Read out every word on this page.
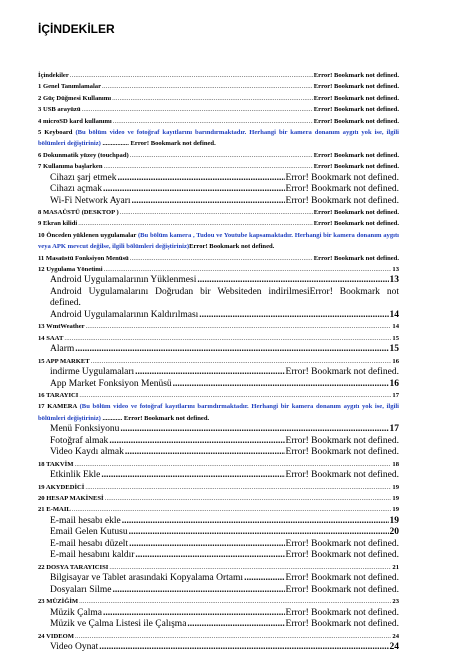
İÇİNDEKİLER
İçindekiler .....	Error! Bookmark not defined.
1 Genel Tanımlamalar .....	Error! Bookmark not defined.
2 Güç Düğmesi Kullanımı .....	Error! Bookmark not defined.
3 USB arayüzü .....	Error! Bookmark not defined.
4 microSD kard kullanımı .....	Error! Bookmark not defined.
5 Keyboard (Bu bölüm video ve fotoğraf kayıtlarını barındırmaktadır. Herhangi bir kamera donanım aygıtı yok ise, ilgili bölümleri değiştiriniz) ................ Error! Bookmark not defined.
6 Dokunmatik yüzey (touchpad) .....	Error! Bookmark not defined.
7 Kullanıma başlarken .....	Error! Bookmark not defined.
Cihazı şarj etmek .....	Error! Bookmark not defined.
Cihazı açmak .....	Error! Bookmark not defined.
Wi-Fi Network Ayarı .....	Error! Bookmark not defined.
8 MASAÜSTÜ (DESKTOP ) .....	Error! Bookmark not defined.
9 Ekran kilidi .....	Error! Bookmark not defined.
10 Önceden yüklenen uygulamalar (Bu bölüm kamera , Tudou ve Youtube kapsamaktadır. Herhangi bir kamera donanım aygıtı veya APK mevcut değilse, ilgili bölümleri değiştiriniz)Error! Bookmark not defined.
11 Masaüstü Fonksiyon Menüsü .....	Error! Bookmark not defined.
12 Uygulama Yönetimi .....	13
Android Uygulamalarının Yüklenmesi .....	13
Android Uygulamalarını Doğrudan bir Websiteden indirilmesiError! Bookmark not
defined.
Android Uygulamalarının Kaldırılması .....	14
13 WmtWeather .....	14
14 SAAT .....	15
Alarm .....	15
15 APP MARKET .....	16
indirme Uygulamaları .....	Error! Bookmark not defined.
App Market Fonksiyon Menüsü .....	16
16 TARAYICI .....	17
17 KAMERA (Bu bölüm video ve fotoğraf kayıtlarını barındırmaktadır. Herhangi bir kamera donanım aygıtı yok ise, ilgili bölümleri değiştiriniz) ............ Error! Bookmark not defined.
Menü Fonksiyonu .....	17
Fotoğraf almak .....	Error! Bookmark not defined.
Video Kaydı almak .....	Error! Bookmark not defined.
18 TAKVİM .....	18
Etkinlik Ekle .....	Error! Bookmark not defined.
19 AKYDEDİCİ .....	19
20 HESAP MAKİNESİ .....	19
21 E-MAIL .....	19
E-mail hesabı ekle .....	19
Email Gelen Kutusu .....	20
E-mail hesabı düzelt .....	Error! Bookmark not defined.
E-mail hesabını kaldır .....	Error! Bookmark not defined.
22 DOSYA TARAYICISI .....	21
Bilgisayar ve Tablet arasındaki Kopyalama Ortamı .....	Error! Bookmark not defined.
Dosyaları Silme .....	Error! Bookmark not defined.
23 MÜZİĞİM .....	23
Müzik Çalma .....	Error! Bookmark not defined.
Müzik ve Çalma Listesi ile Çalışma .....	Error! Bookmark not defined.
24 VIDEOM .....	24
Video Oynat .....	24
